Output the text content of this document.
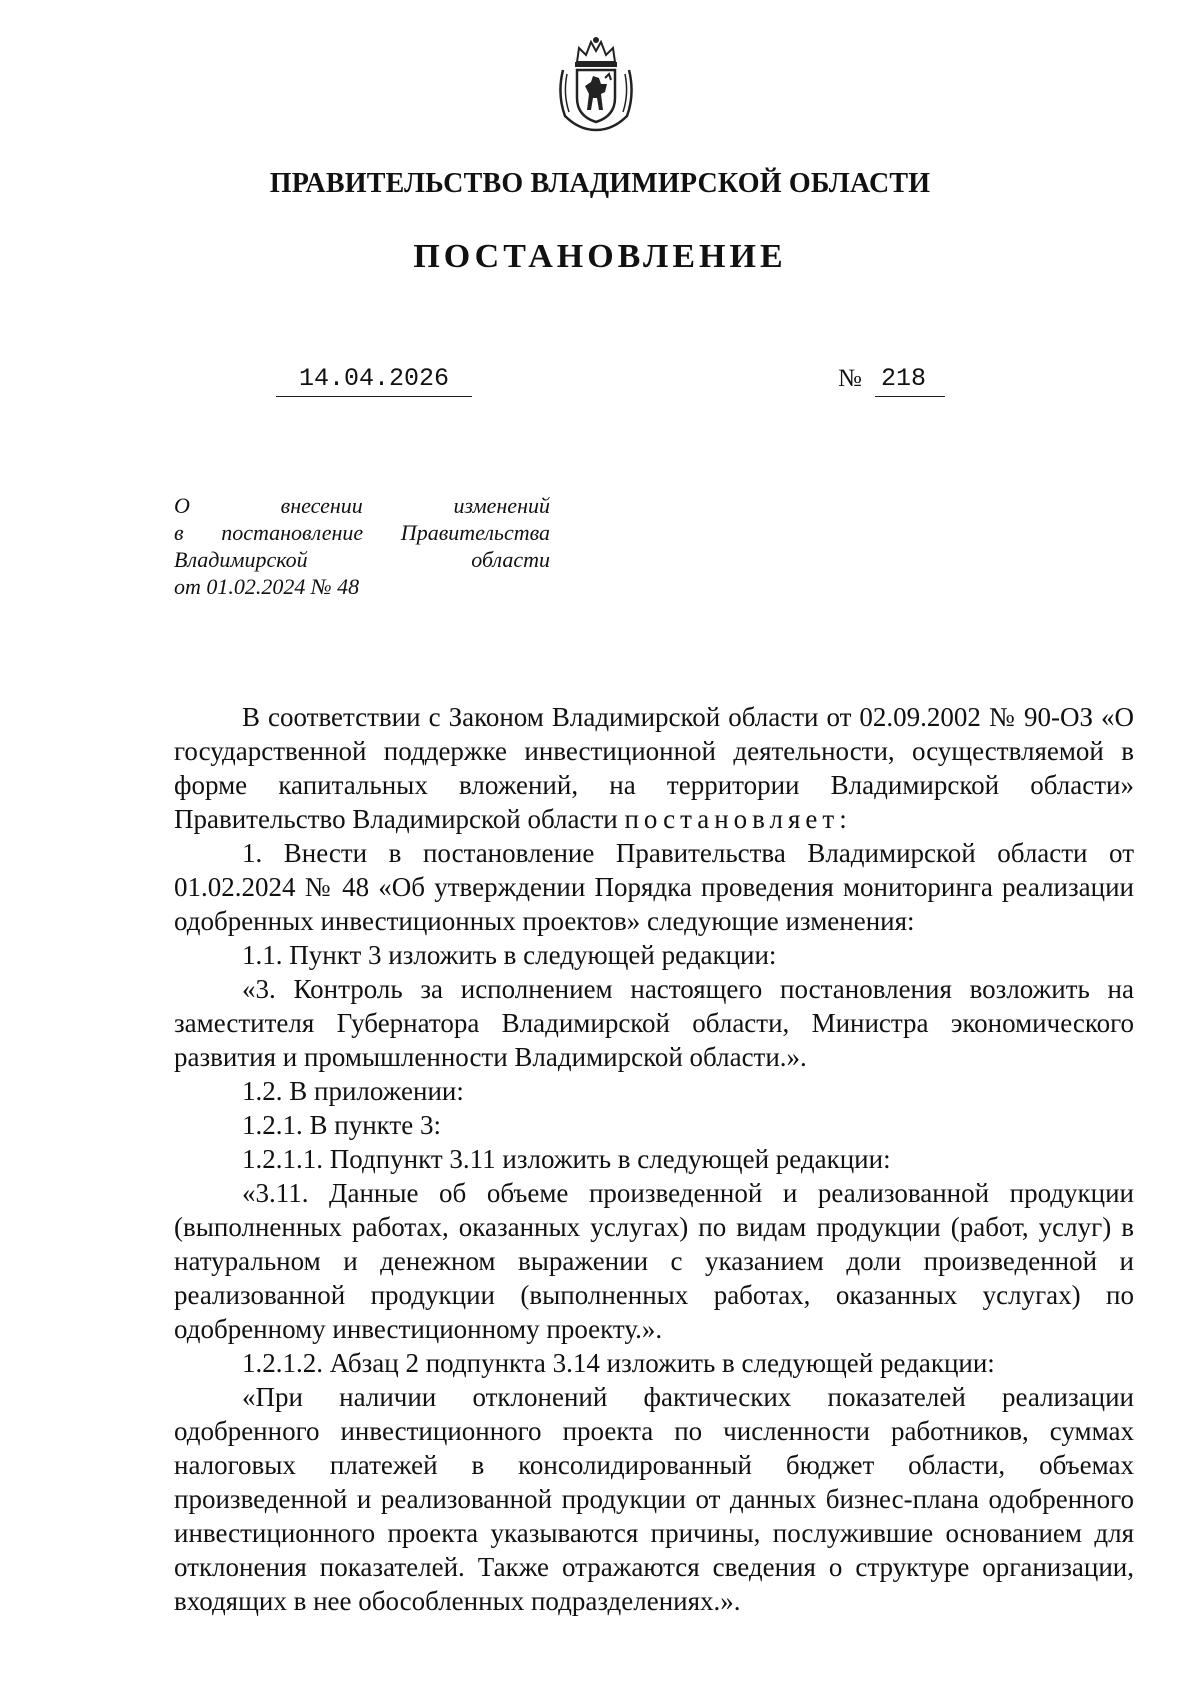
ПРАВИТЕЛЬСТВО ВЛАДИМИРСКОЙ ОБЛАСТИ
ПОСТАНОВЛЕНИЕ
14.04.2026	№ 218
О внесении изменений
в постановление Правительства
Владимирской области
от 01.02.2024 № 48

В соответствии с Законом Владимирской области от 02.09.2002 № 90-ОЗ «О государственной поддержке инвестиционной деятельности, осуществляемой в форме капитальных вложений, на территории Владимирской области» Правительство Владимирской области постановляет:

1. Внести в постановление Правительства Владимирской области от 01.02.2024 № 48 «Об утверждении Порядка проведения мониторинга реализации одобренных инвестиционных проектов» следующие изменения:

1.1. Пункт 3 изложить в следующей редакции:

«3. Контроль за исполнением настоящего постановления возложить на заместителя Губернатора Владимирской области, Министра экономического развития и промышленности Владимирской области.».

1.2. В приложении:

1.2.1. В пункте 3:

1.2.1.1. Подпункт 3.11 изложить в следующей редакции:

«3.11. Данные об объеме произведенной и реализованной продукции (выполненных работах, оказанных услугах) по видам продукции (работ, услуг) в натуральном и денежном выражении с указанием доли произведенной и реализованной продукции (выполненных работах, оказанных услугах) по одобренному инвестиционному проекту.».

1.2.1.2. Абзац 2 подпункта 3.14 изложить в следующей редакции:

«При наличии отклонений фактических показателей реализации одобренного инвестиционного проекта по численности работников, суммах налоговых платежей в консолидированный бюджет области, объемах произведенной и реализованной продукции от данных бизнес-плана одобренного инвестиционного проекта указываются причины, послужившие основанием для отклонения показателей. Также отражаются сведения о структуре организации, входящих в нее обособленных подразделениях.».
